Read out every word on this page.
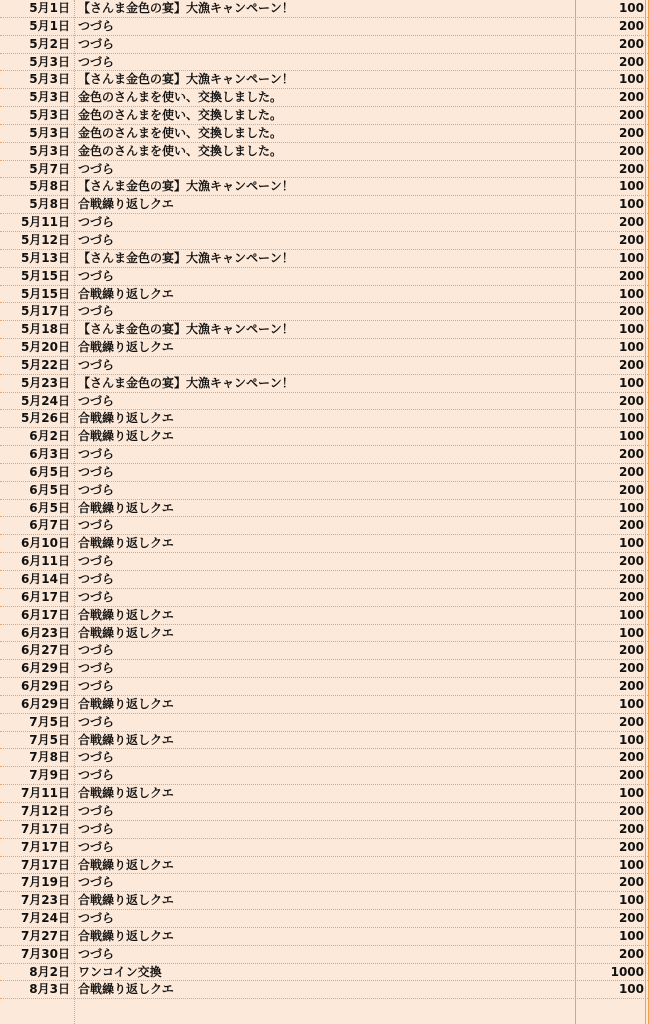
5月1日 【さんま金色の宴】大漁キャンペーン！	100
5月1日 つづら	200
5月2日 つづら	200
5月3日 つづら	200
5月3日 【さんま金色の宴】大漁キャンペーン！	100
5月3日 金色のさんまを使い、交換しました。	200
5月3日 金色のさんまを使い、交換しました。	200
5月3日 金色のさんまを使い、交換しました。	200
5月3日 金色のさんまを使い、交換しました。	200
5月7日 つづら	200
5月8日 【さんま金色の宴】大漁キャンペーン！	100
5月8日 合戦繰り返しクエ	100
5月11日 つづら	200
5月12日 つづら	200
5月13日 【さんま金色の宴】大漁キャンペーン！	100
5月15日 つづら	200
5月15日 合戦繰り返しクエ	100
5月17日 つづら	200
5月18日 【さんま金色の宴】大漁キャンペーン！	100
5月20日 合戦繰り返しクエ	100
5月22日 つづら	200
5月23日 【さんま金色の宴】大漁キャンペーン！	100
5月24日 つづら	200
5月26日 合戦繰り返しクエ	100
6月2日 合戦繰り返しクエ	100
6月3日 つづら	200
6月5日 つづら	200
6月5日 つづら	200
6月5日 合戦繰り返しクエ	100
6月7日 つづら	200
6月10日 合戦繰り返しクエ	100
6月11日 つづら	200
6月14日 つづら	200
6月17日 つづら	200
6月17日 合戦繰り返しクエ	100
6月23日 合戦繰り返しクエ	100
6月27日 つづら	200
6月29日 つづら	200
6月29日 つづら	200
6月29日 合戦繰り返しクエ	100
7月5日 つづら	200
7月5日 合戦繰り返しクエ	100
7月8日 つづら	200
7月9日 つづら	200
7月11日 合戦繰り返しクエ	100
7月12日 つづら	200
7月17日 つづら	200
7月17日 つづら	200
7月17日 合戦繰り返しクエ	100
7月19日 つづら	200
7月23日 合戦繰り返しクエ	100
7月24日 つづら	200
7月27日 合戦繰り返しクエ	100
7月30日 つづら	200
8月2日 ワンコイン交換	1000
8月3日 合戦繰り返しクエ	100
